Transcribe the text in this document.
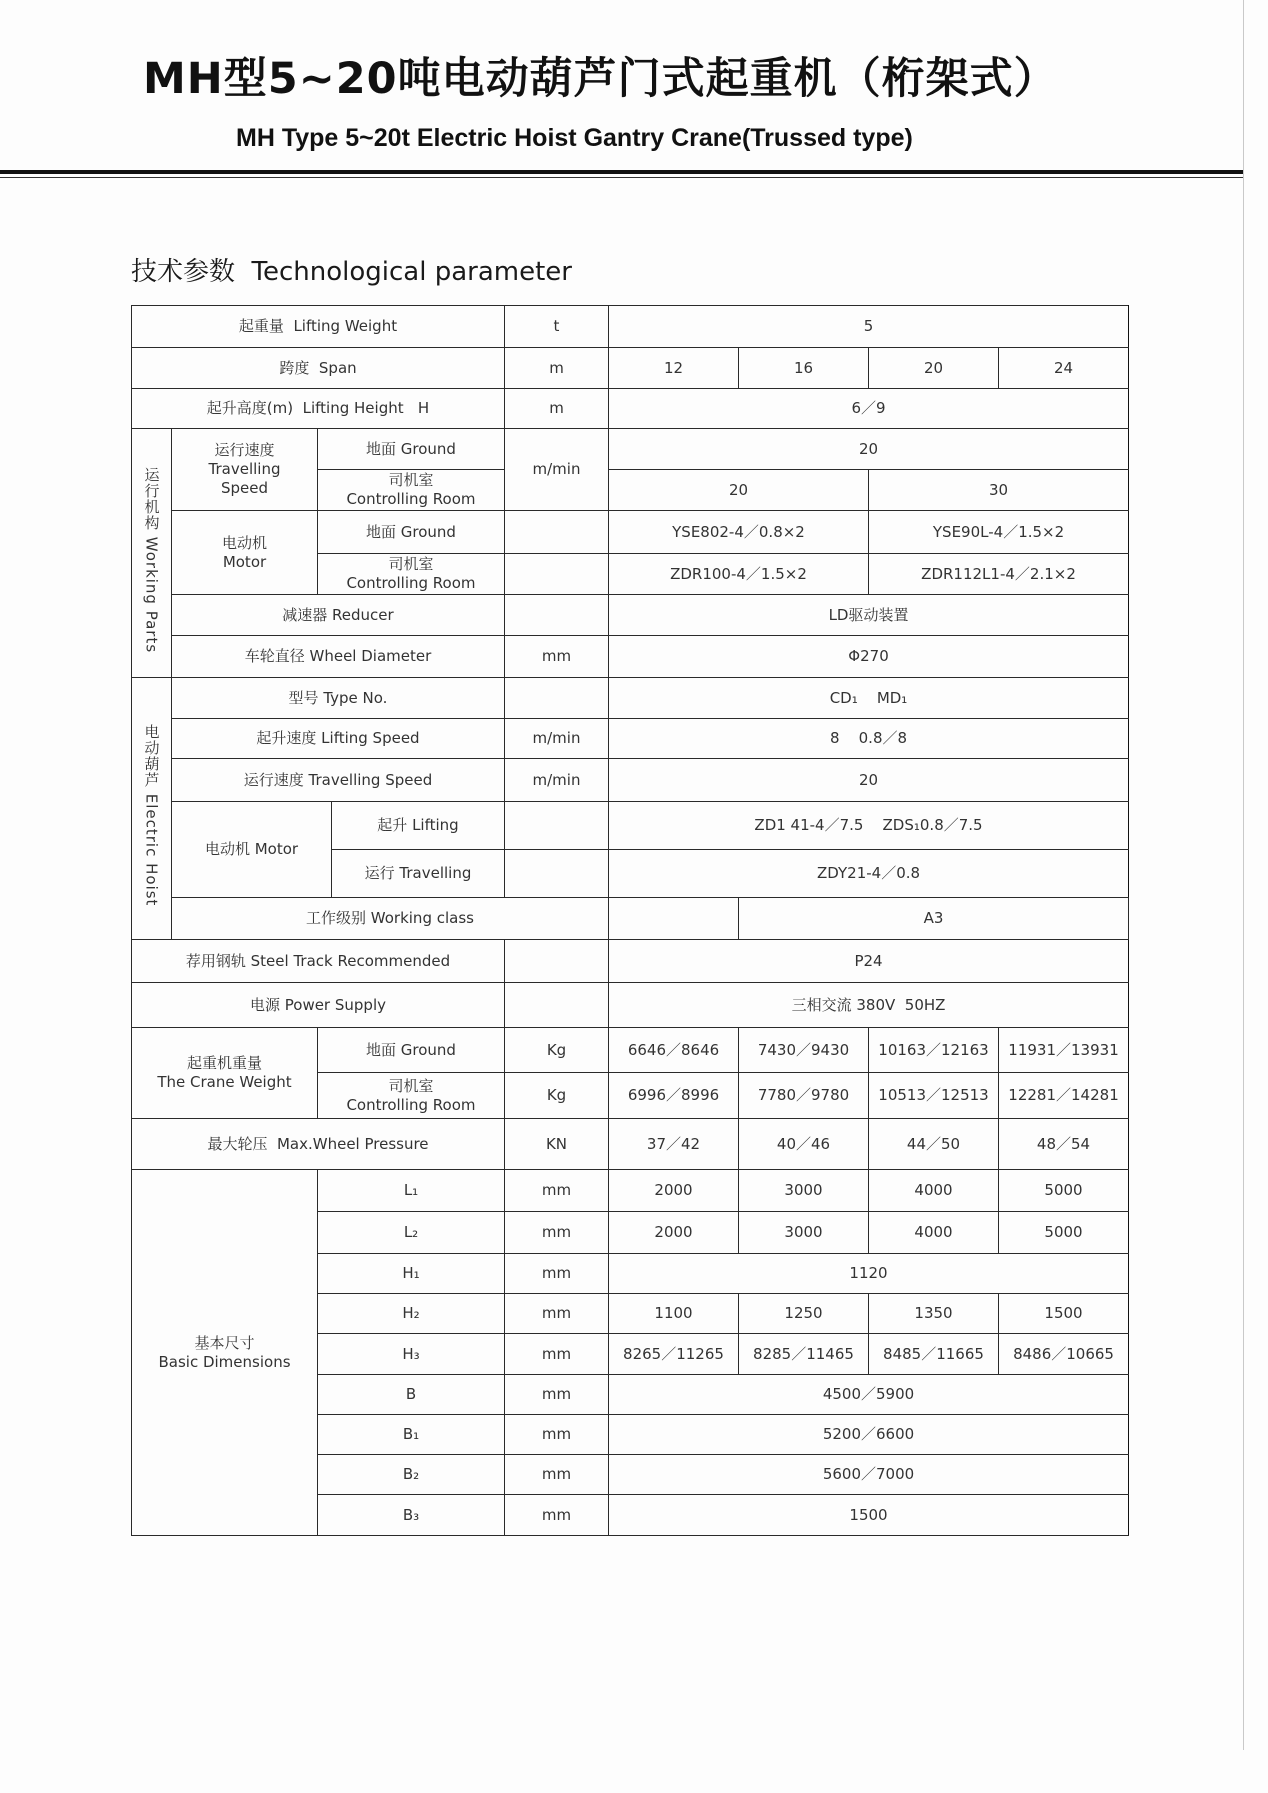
MH型5~20吨电动葫芦门式起重机（桁架式）
MH Type 5~20t Electric Hoist Gantry Crane(Trussed type)
技术参数  Technological parameter
起重量  Lifting Weight				t	5			
跨度  Span				m	12	16	20	24
起升高度(m)  Lifting Height   H				m	6／9			

运行机构 Working Parts	运行速度
Travelling
Speed	地面 Ground		m/min	20			
		司机室
Controlling Room			20		30	
	电动机
Motor	地面 Ground			YSE802-4／0.8×2		YSE90L-4／1.5×2	
		司机室
Controlling Room			ZDR100-4／1.5×2		ZDR112L1-4／2.1×2	
	减速器 Reducer				LD驱动装置			
	车轮直径 Wheel Diameter			mm	Φ270			

电动葫芦 Electric Hoist	型号 Type No.				CD₁    MD₁			
	起升速度 Lifting Speed			m/min	8    0.8／8			
	运行速度 Travelling Speed			m/min	20			
	电动机 Motor		起升 Lifting		ZD1 41-4／7.5    ZDS₁0.8／7.5			
			运行 Travelling		ZDY21-4／0.8			
	工作级别 Working class					A3		
荐用钢轨 Steel Track Recommended					P24			
电源 Power Supply					三相交流 380V  50HZ			
起重机重量
The Crane Weight		地面 Ground		Kg	6646／8646	7430／9430	10163／12163	11931／13931
		司机室
Controlling Room		Kg	6996／8996	7780／9780	10513／12513	12281／14281
最大轮压  Max.Wheel Pressure				KN	37／42	40／46	44／50	48／54
基本尺寸
Basic Dimensions		L₁		mm	2000	3000	4000	5000
		L₂		mm	2000	3000	4000	5000
		H₁		mm	1120			
		H₂		mm	1100	1250	1350	1500
		H₃		mm	8265／11265	8285／11465	8485／11665	8486／10665
		B		mm	4500／5900			
		B₁		mm	5200／6600			
		B₂		mm	5600／7000			
		B₃		mm	1500			
